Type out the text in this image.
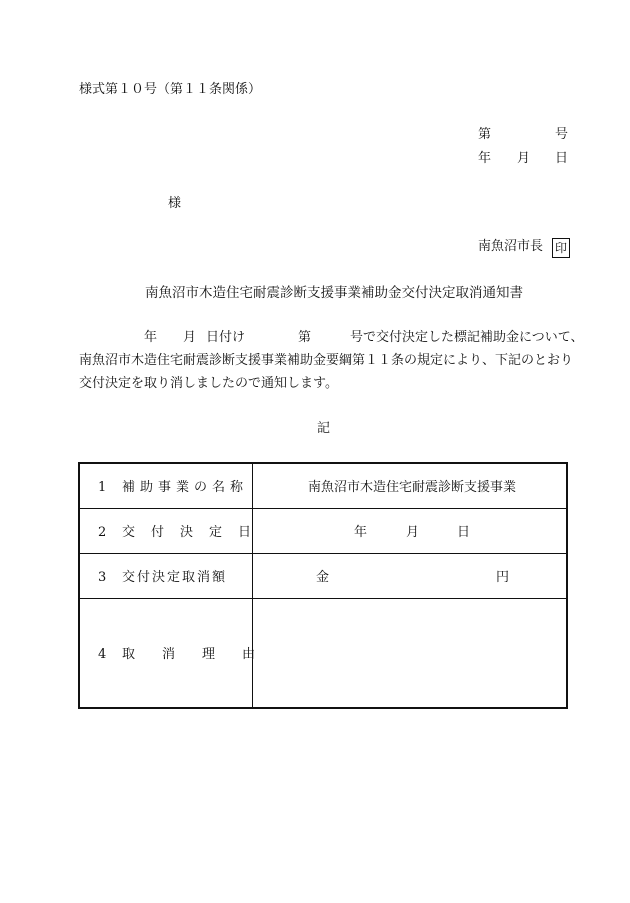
様式第１０号（第１１条関係）
第	号
年 月 日
様
南魚沼市長 印
南魚沼市木造住宅耐震診断支援事業補助金交付決定取消通知書
年 月 日付け	第	号で交付決定した標記補助金について、
南魚沼市木造住宅耐震診断支援事業補助金要綱第１１条の規定により、下記のとおり
交付決定を取り消しましたので通知します。
記
1 補助事業の名称	南魚沼市木造住宅耐震診断支援事業
2 交付決定日	年	月	日
3 交付決定取消額	金	円
4 取消理由
